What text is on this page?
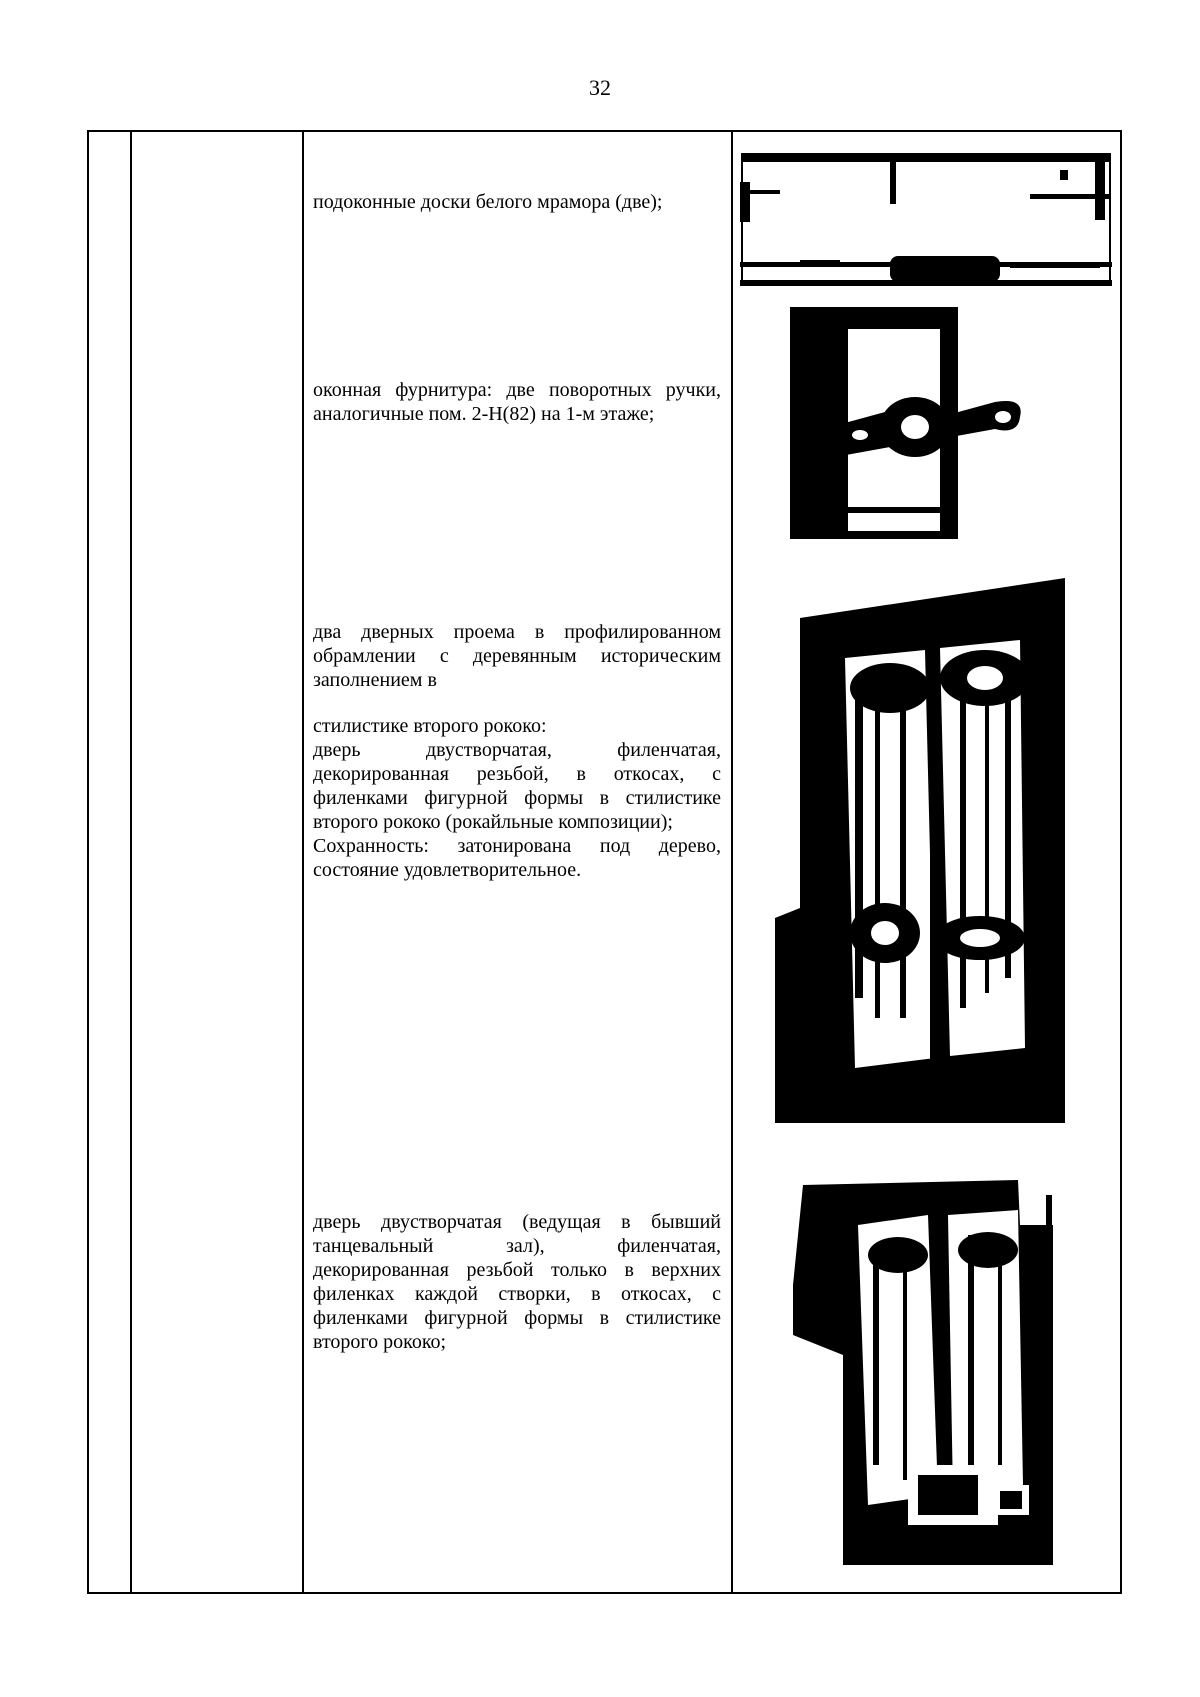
32

подоконные доски белого мрамора (две);

оконная фурнитура: две поворотных ручки, аналогичные пом. 2-Н(82) на 1-м этаже;

два дверных проема в профилированном обрамлении с деревянным историческим заполнением в

стилистике второго рококо:

дверь двустворчатая, филенчатая, декорированная резьбой, в откосах, с филенками фигурной формы в стилистике второго рококо (рокайльные композиции);

Сохранность: затонирована под дерево, состояние удовлетворительное.

дверь двустворчатая (ведущая в бывший танцевальный зал), филенчатая, декорированная резьбой только в верхних филенках каждой створки, в откосах, с филенками фигурной формы в стилистике второго рококо;
